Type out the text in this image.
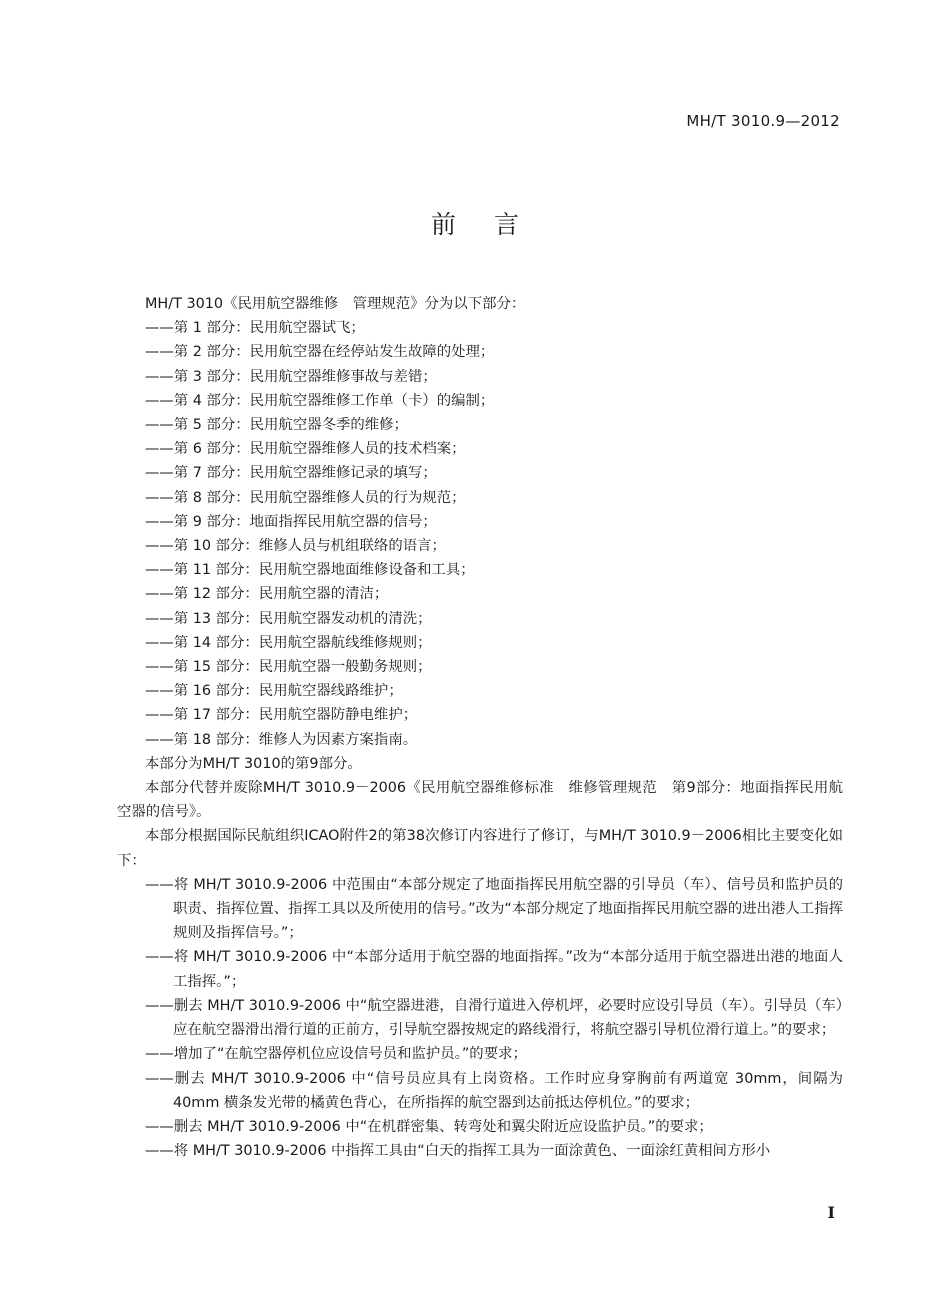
MH/T 3010.9—2012
前言

MH/T 3010《民用航空器维修　管理规范》分为以下部分：

——第 1 部分：民用航空器试飞；
——第 2 部分：民用航空器在经停站发生故障的处理；
——第 3 部分：民用航空器维修事故与差错；
——第 4 部分：民用航空器维修工作单（卡）的编制；
——第 5 部分：民用航空器冬季的维修；
——第 6 部分：民用航空器维修人员的技术档案；
——第 7 部分：民用航空器维修记录的填写；
——第 8 部分：民用航空器维修人员的行为规范；
——第 9 部分：地面指挥民用航空器的信号；
——第 10 部分：维修人员与机组联络的语言；
——第 11 部分：民用航空器地面维修设备和工具；
——第 12 部分：民用航空器的清洁；
——第 13 部分：民用航空器发动机的清洗；
——第 14 部分：民用航空器航线维修规则；
——第 15 部分：民用航空器一般勤务规则；
——第 16 部分：民用航空器线路维护；
——第 17 部分：民用航空器防静电维护；
——第 18 部分：维修人为因素方案指南。

本部分为MH/T 3010的第9部分。

本部分代替并废除MH/T 3010.9－2006《民用航空器维修标准　维修管理规范　第9部分：地面指挥民用航空器的信号》。

本部分根据国际民航组织ICAO附件2的第38次修订内容进行了修订，与MH/T 3010.9－2006相比主要变化如下：

——将 MH/T 3010.9-2006 中范围由“本部分规定了地面指挥民用航空器的引导员（车）、信号员和监护员的职责、指挥位置、指挥工具以及所使用的信号。”改为“本部分规定了地面指挥民用航空器的进出港人工指挥规则及指挥信号。”；
——将 MH/T 3010.9-2006 中“本部分适用于航空器的地面指挥。”改为“本部分适用于航空器进出港的地面人工指挥。”；
——删去 MH/T 3010.9-2006 中“航空器进港，自滑行道进入停机坪，必要时应设引导员（车）。引导员（车）应在航空器滑出滑行道的正前方，引导航空器按规定的路线滑行，将航空器引导机位滑行道上。”的要求；
——增加了“在航空器停机位应设信号员和监护员。”的要求；
——删去 MH/T 3010.9-2006 中“信号员应具有上岗资格。工作时应身穿胸前有两道宽 30mm，间隔为 40mm 横条发光带的橘黄色背心，在所指挥的航空器到达前抵达停机位。”的要求；
——删去 MH/T 3010.9-2006 中“在机群密集、转弯处和翼尖附近应设监护员。”的要求；
——将 MH/T 3010.9-2006 中指挥工具由“白天的指挥工具为一面涂黄色、一面涂红黄相间方形小
I
